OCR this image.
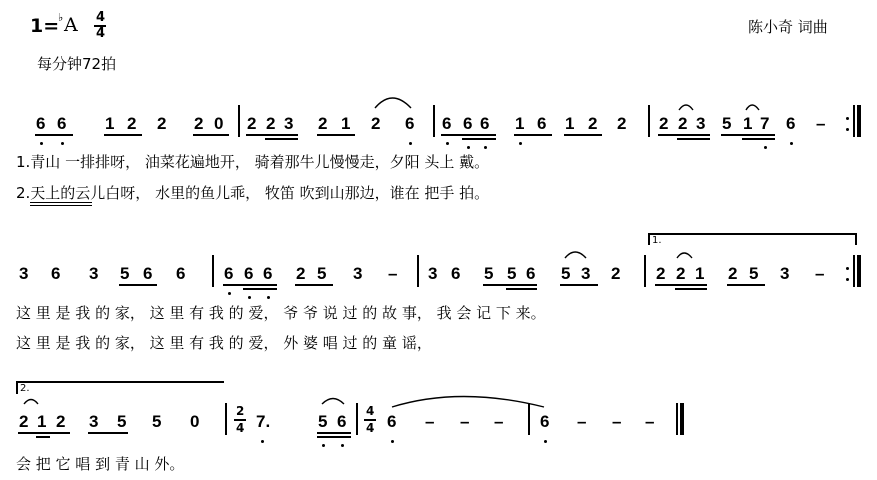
1=
♭ A 4
4
每分钟72拍
陈小奇 词曲
6 6 1 2 2 2 0 2 2 3 2 1 2 6 6 6 6 1 6 1 2 2 2 2 3 5 1 7 6 –
1.青山 一排排呀， 油菜花遍地开， 骑着那牛儿慢慢走，夕阳 头上 戴。
2.天上的云儿白呀， 水里的鱼儿乖， 牧笛 吹到山那边，谁在 把手 拍。
1.
3 6 3 5 6 6 6 6 6 2 5 3 – 3 6 5 5 6 5 3 2 2 2 1 2 5 3 –
这 里 是 我 的 家， 这 里 有 我 的 爱， 爷 爷 说 过 的 故 事， 我 会 记 下 来。
这 里 是 我 的 家， 这 里 有 我 的 爱， 外 婆 唱 过 的 童 谣，
2.
2 1 2 3 5 5 0
2
4 7.	5 6
4
4 6 – – – 6 – – –
会 把 它 唱 到 青 山 外。
